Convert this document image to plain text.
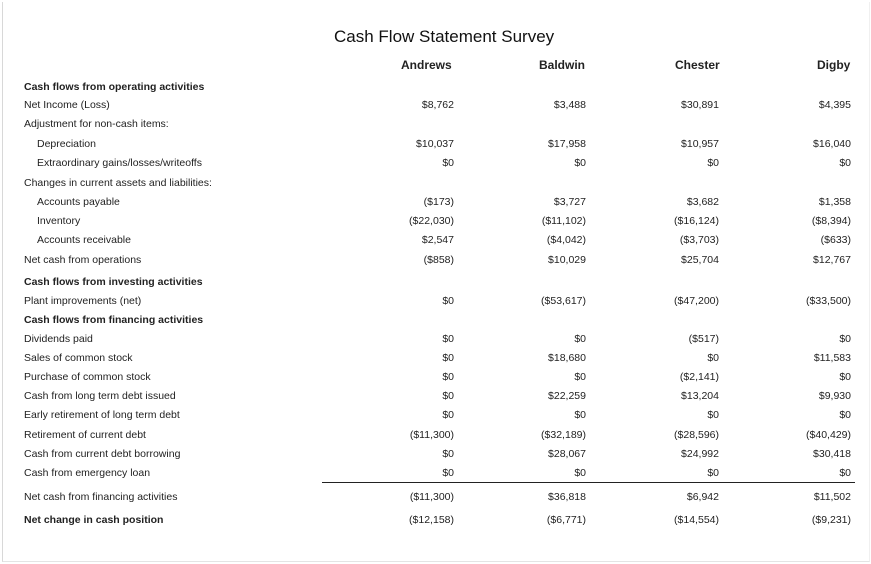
Cash Flow Statement Survey
Andrews	Baldwin	Chester	Digby
Cash flows from operating activities
Net Income (Loss)	$8,762	$3,488	$30,891	$4,395
Adjustment for non-cash items:
Depreciation	$10,037	$17,958	$10,957	$16,040
Extraordinary gains/losses/writeoffs	$0	$0	$0	$0
Changes in current assets and liabilities:
Accounts payable	($173)	$3,727	$3,682	$1,358
Inventory	($22,030)	($11,102)	($16,124)	($8,394)
Accounts receivable	$2,547	($4,042)	($3,703)	($633)
Net cash from operations	($858)	$10,029	$25,704	$12,767
Cash flows from investing activities
Plant improvements (net)	$0	($53,617)	($47,200)	($33,500)
Cash flows from financing activities
Dividends paid	$0	$0	($517)	$0
Sales of common stock	$0	$18,680	$0	$11,583
Purchase of common stock	$0	$0	($2,141)	$0
Cash from long term debt issued	$0	$22,259	$13,204	$9,930
Early retirement of long term debt	$0	$0	$0	$0
Retirement of current debt	($11,300)	($32,189)	($28,596)	($40,429)
Cash from current debt borrowing	$0	$28,067	$24,992	$30,418
Cash from emergency loan	$0	$0	$0	$0
Net cash from financing activities	($11,300)	$36,818	$6,942	$11,502
Net change in cash position	($12,158)	($6,771)	($14,554)	($9,231)
